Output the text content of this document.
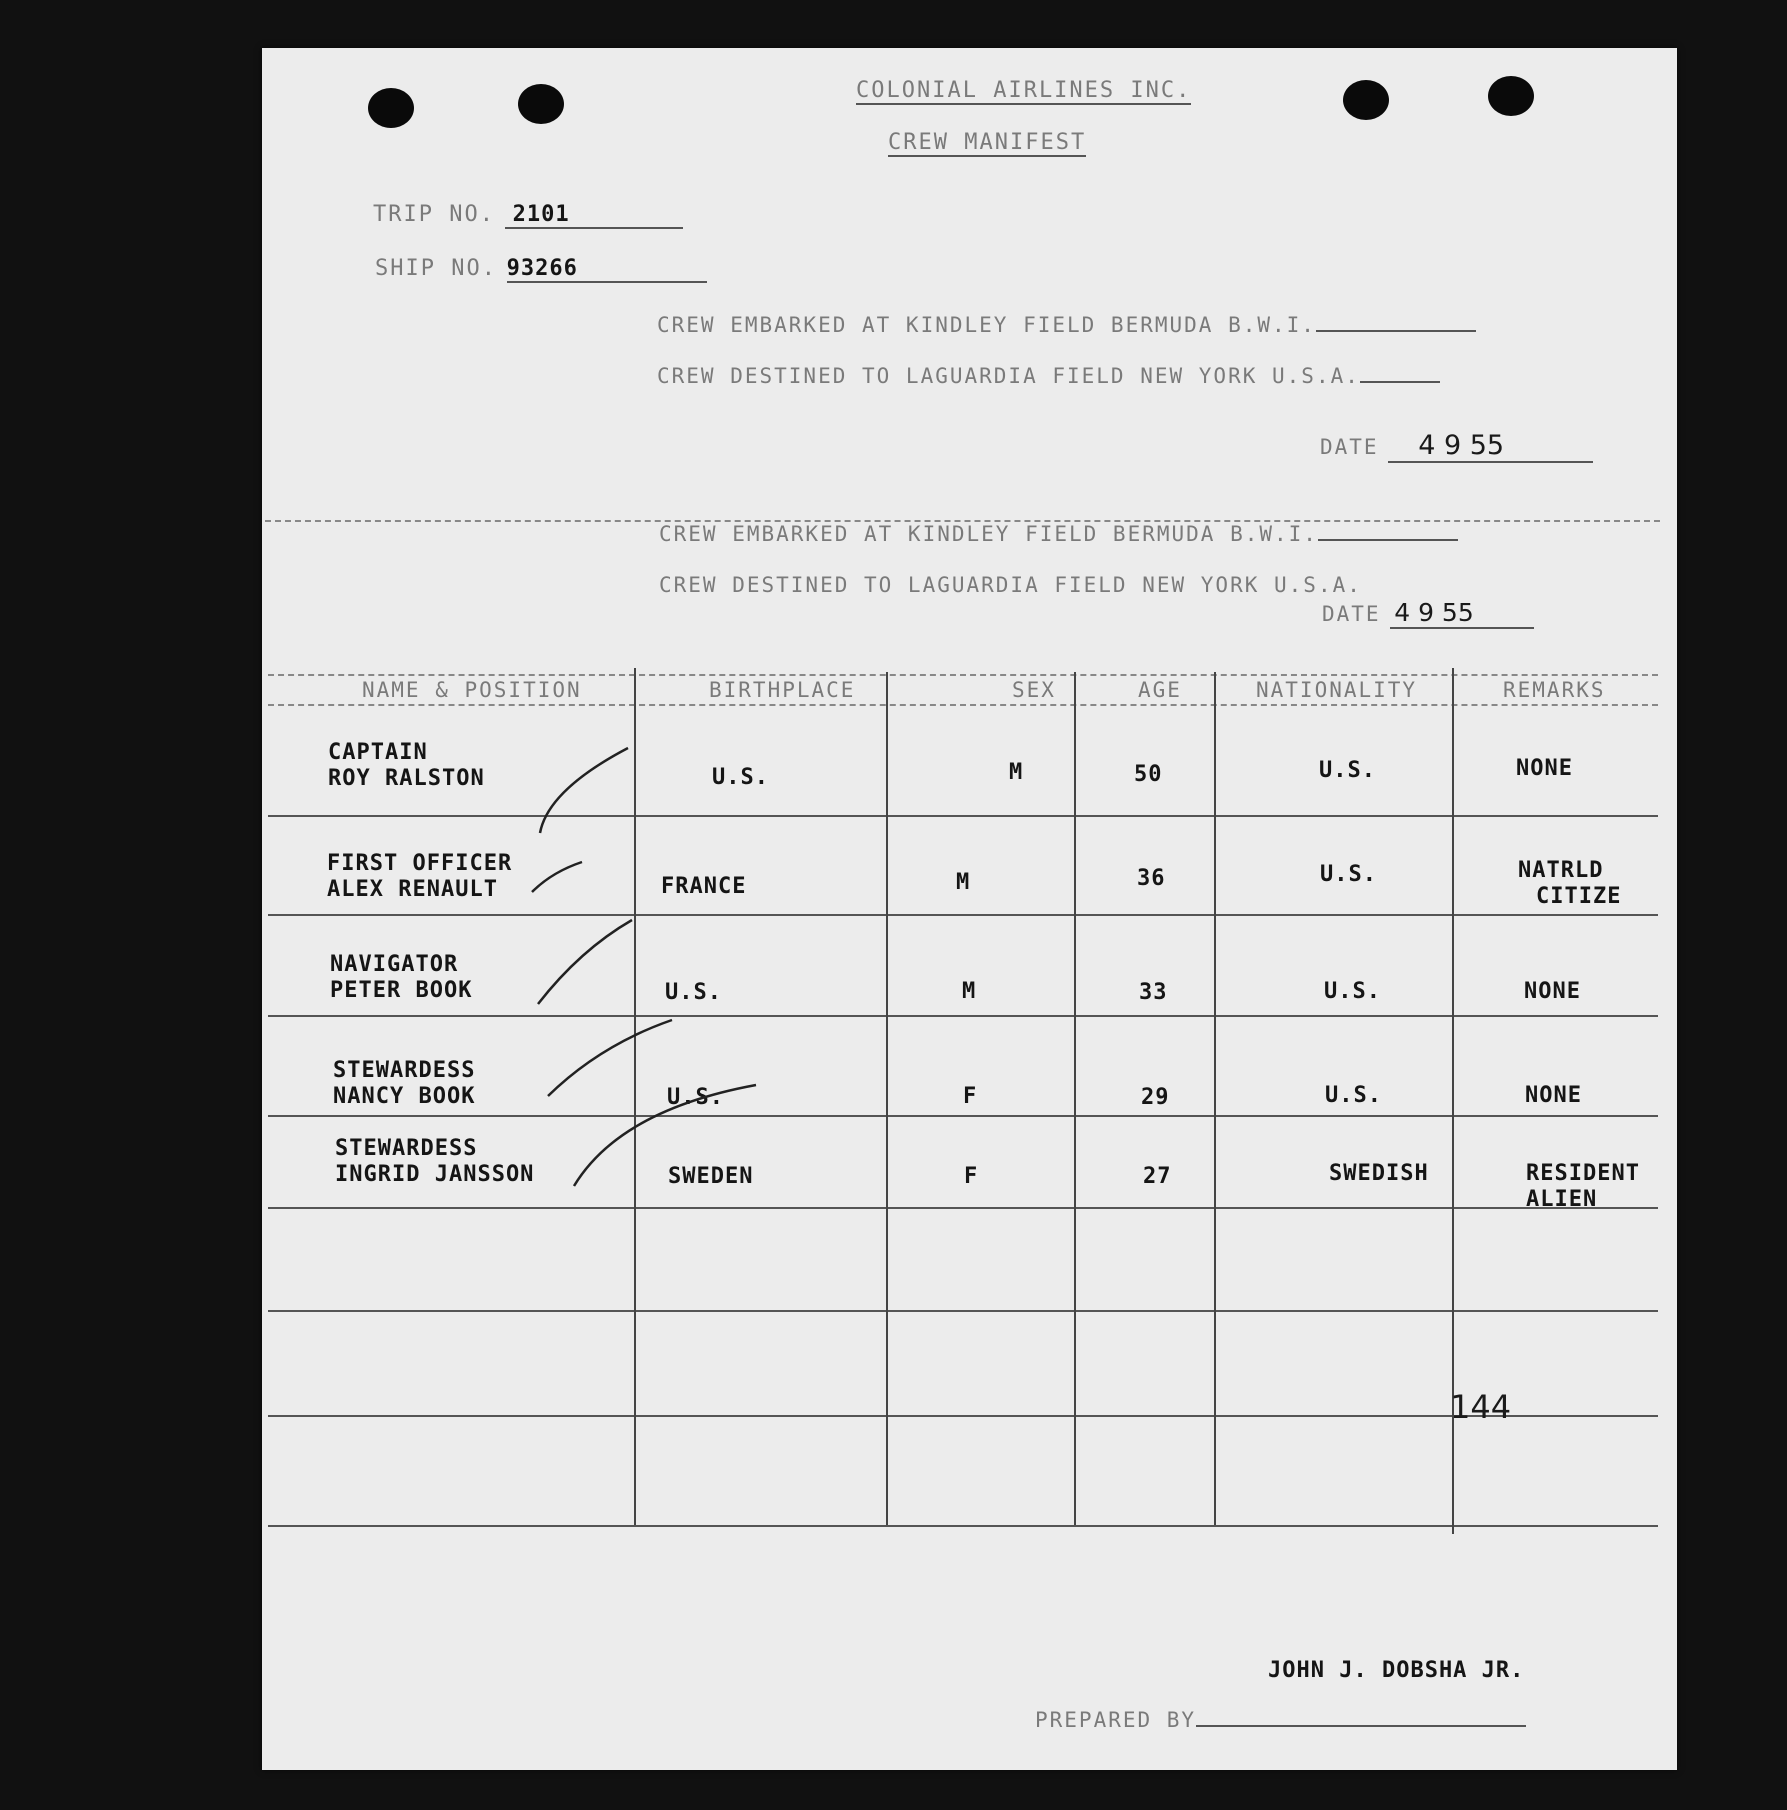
COLONIAL AIRLINES INC.
CREW MANIFEST
TRIP NO. 2101
SHIP NO. 93266
CREW EMBARKED AT KINDLEY FIELD BERMUDA B.W.I.
CREW DESTINED TO LAGUARDIA FIELD NEW YORK U.S.A.
DATE 4 9 55
CREW EMBARKED AT KINDLEY FIELD BERMUDA B.W.I.
CREW DESTINED TO LAGUARDIA FIELD NEW YORK U.S.A.
DATE 4 9 55
NAME & POSITION	BIRTHPLACE	SEX	AGE	NATIONALITY	REMARKS
CAPTAIN
ROY RALSTON	U.S.	M	50	U.S.	NONE
FIRST OFFICER
ALEX RENAULT	FRANCE	M	36	U.S.	NATRLD
CITIZE
NAVIGATOR
PETER BOOK	U.S.	M	33	U.S.	NONE
STEWARDESS
NANCY BOOK	U.S.	F	29	U.S.	NONE
STEWARDESS
INGRID JANSSON	SWEDEN	F	27	SWEDISH	RESIDENT
ALIEN
144
JOHN J. DOBSHA JR.
PREPARED BY
